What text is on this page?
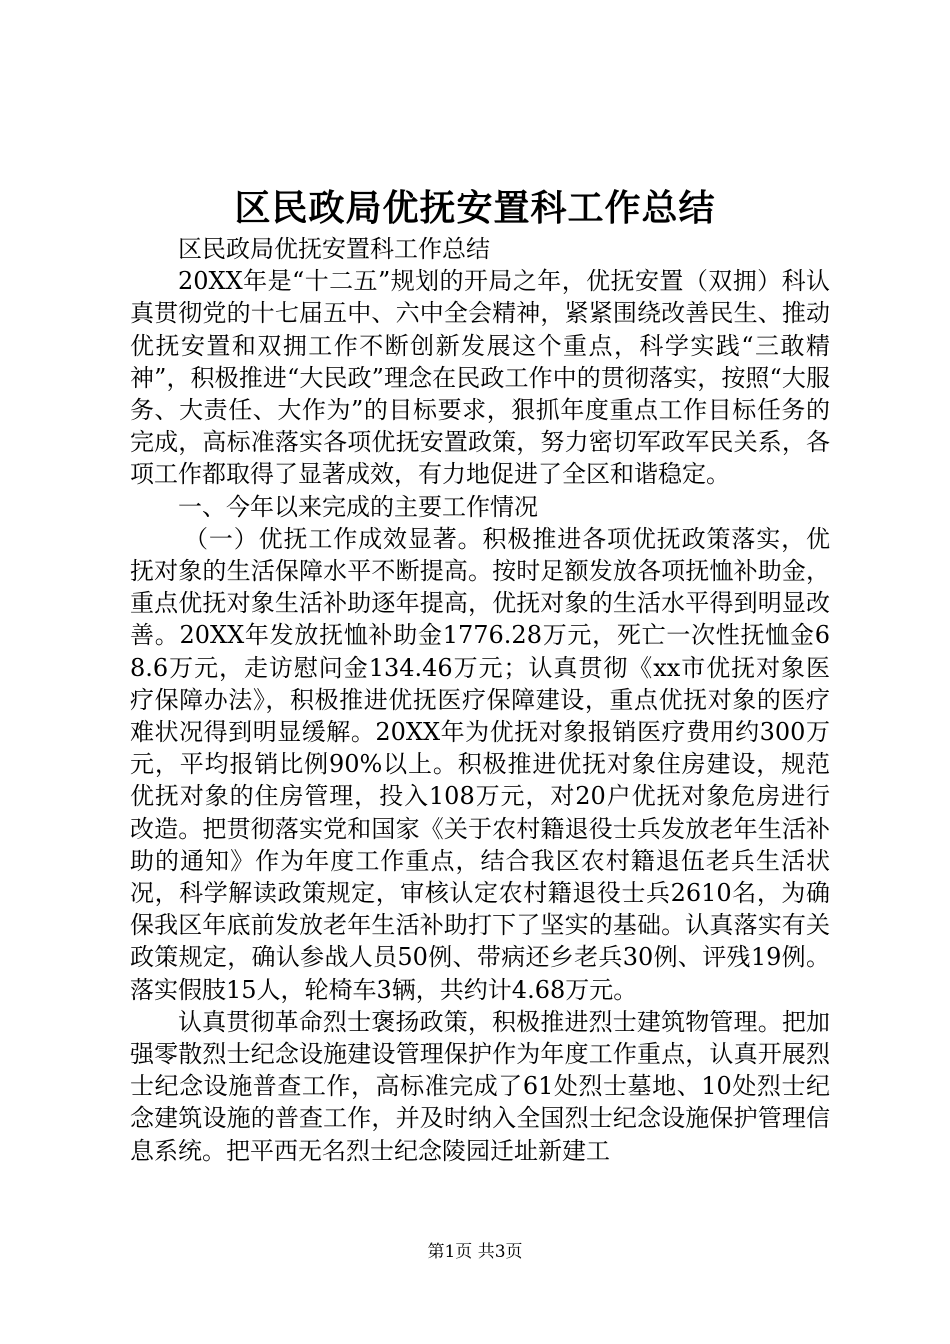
区民政局优抚安置科工作总结

区民政局优抚安置科工作总结

20XX年是“十二五”规划的开局之年，优抚安置（双拥）科认真贯彻党的十七届五中、六中全会精神，紧紧围绕改善民生、推动优抚安置和双拥工作不断创新发展这个重点，科学实践“三敢精神”，积极推进“大民政”理念在民政工作中的贯彻落实，按照“大服务、大责任、大作为”的目标要求，狠抓年度重点工作目标任务的完成，高标准落实各项优抚安置政策，努力密切军政军民关系，各项工作都取得了显著成效，有力地促进了全区和谐稳定。

一、今年以来完成的主要工作情况

（一）优抚工作成效显著。积极推进各项优抚政策落实，优抚对象的生活保障水平不断提高。按时足额发放各项抚恤补助金，重点优抚对象生活补助逐年提高，优抚对象的生活水平得到明显改善。20XX年发放抚恤补助金1776.28万元，死亡一次性抚恤金68.6万元，走访慰问金134.46万元；认真贯彻《xx市优抚对象医疗保障办法》，积极推进优抚医疗保障建设，重点优抚对象的医疗难状况得到明显缓解。20XX年为优抚对象报销医疗费用约300万元，平均报销比例90%以上。积极推进优抚对象住房建设，规范优抚对象的住房管理，投入108万元，对20户优抚对象危房进行改造。把贯彻落实党和国家《关于农村籍退役士兵发放老年生活补助的通知》作为年度工作重点，结合我区农村籍退伍老兵生活状况，科学解读政策规定，审核认定农村籍退役士兵2610名，为确保我区年底前发放老年生活补助打下了坚实的基础。认真落实有关政策规定，确认参战人员50例、带病还乡老兵30例、评残19例。落实假肢15人，轮椅车3辆，共约计4.68万元。

认真贯彻革命烈士褒扬政策，积极推进烈士建筑物管理。把加强零散烈士纪念设施建设管理保护作为年度工作重点，认真开展烈士纪念设施普查工作，高标准完成了61处烈士墓地、10处烈士纪念建筑设施的普查工作，并及时纳入全国烈士纪念设施保护管理信息系统。把平西无名烈士纪念陵园迁址新建工

第1页 共3页
